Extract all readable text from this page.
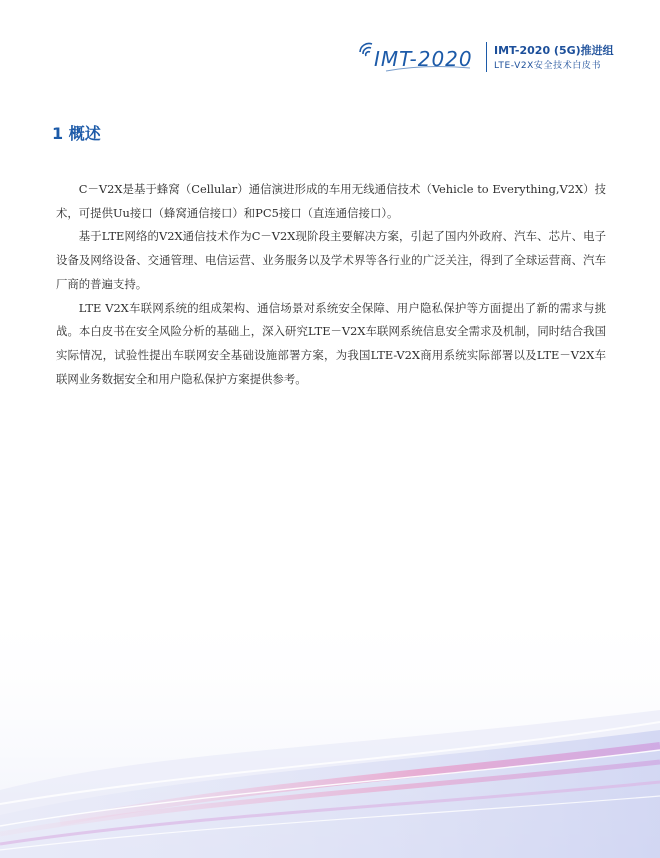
IMT-2020 IMT-2020 (5G)推进组
LTE-V2X安全技术白皮书
1 概述

C－V2X是基于蜂窝（Cellular）通信演进形成的车用无线通信技术（Vehicle to Everything,V2X）技术，可提供Uu接口（蜂窝通信接口）和PC5接口（直连通信接口）。

基于LTE网络的V2X通信技术作为C－V2X现阶段主要解决方案，引起了国内外政府、汽车、芯片、电子设备及网络设备、交通管理、电信运营、业务服务以及学术界等各行业的广泛关注，得到了全球运营商、汽车厂商的普遍支持。

LTE V2X车联网系统的组成架构、通信场景对系统安全保障、用户隐私保护等方面提出了新的需求与挑战。本白皮书在安全风险分析的基础上，深入研究LTE－V2X车联网系统信息安全需求及机制，同时结合我国实际情况，试验性提出车联网安全基础设施部署方案，为我国LTE-V2X商用系统实际部署以及LTE－V2X车联网业务数据安全和用户隐私保护方案提供参考。
